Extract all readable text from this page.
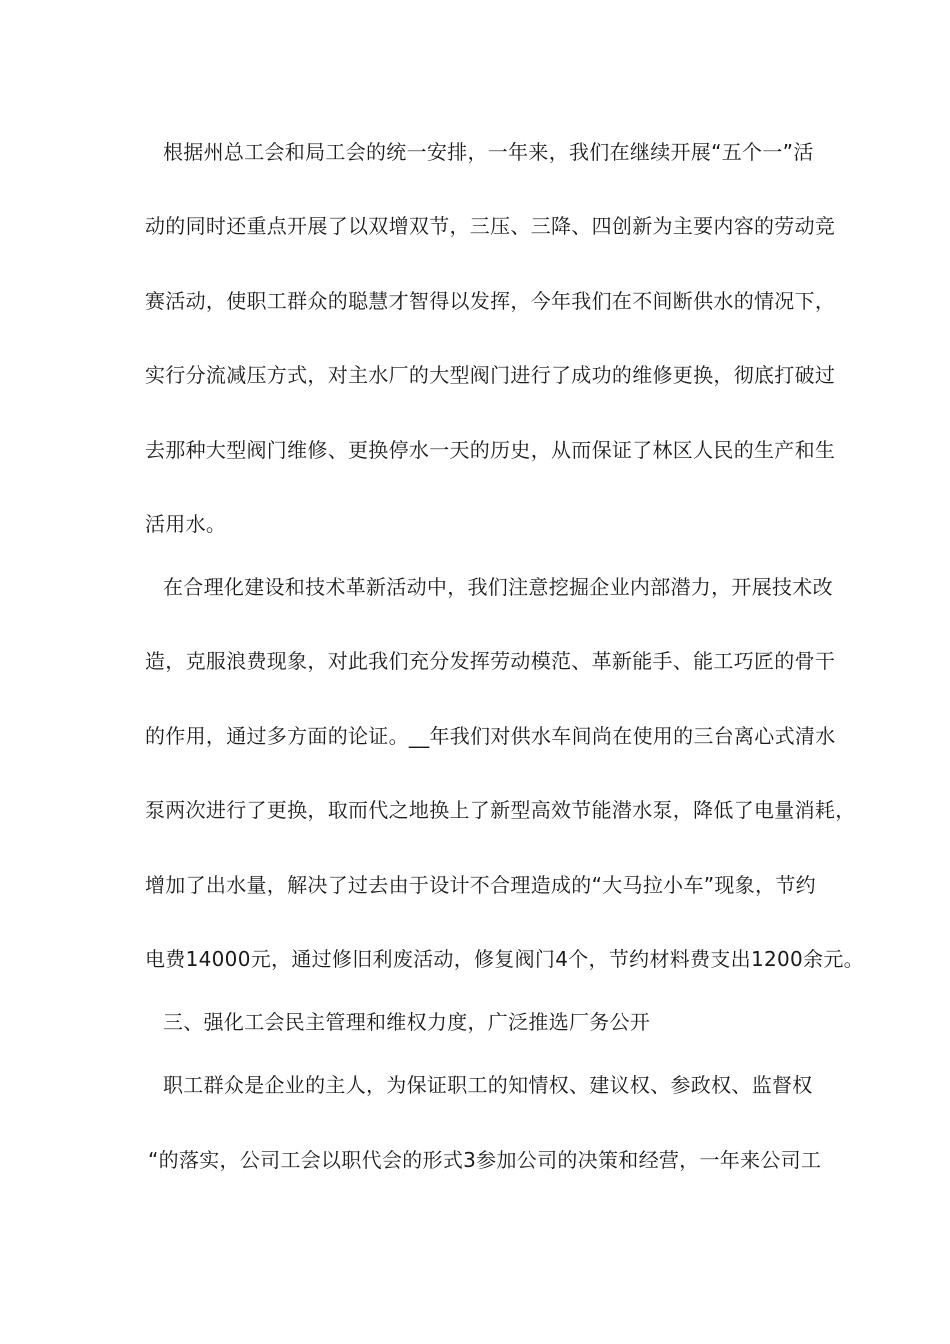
根据州总工会和局工会的统一安排，一年来，我们在继续开展“五个一”活
动的同时还重点开展了以双增双节，三压、三降、四创新为主要内容的劳动竞
赛活动，使职工群众的聪慧才智得以发挥，今年我们在不间断供水的情况下，
实行分流减压方式，对主水厂的大型阀门进行了成功的维修更换，彻底打破过
去那种大型阀门维修、更换停水一天的历史，从而保证了林区人民的生产和生
活用水。
在合理化建设和技术革新活动中，我们注意挖掘企业内部潜力，开展技术改
造，克服浪费现象，对此我们充分发挥劳动模范、革新能手、能工巧匠的骨干
的作用，通过多方面的论证。__年我们对供水车间尚在使用的三台离心式清水
泵两次进行了更换，取而代之地换上了新型高效节能潜水泵，降低了电量消耗，
增加了出水量，解决了过去由于设计不合理造成的“大马拉小车”现象，节约
电费14000元，通过修旧利废活动，修复阀门4个，节约材料费支出1200余元。
三、强化工会民主管理和维权力度，广泛推选厂务公开
职工群众是企业的主人，为保证职工的知情权、建议权、参政权、监督权
“的落实，公司工会以职代会的形式3参加公司的决策和经营，一年来公司工
